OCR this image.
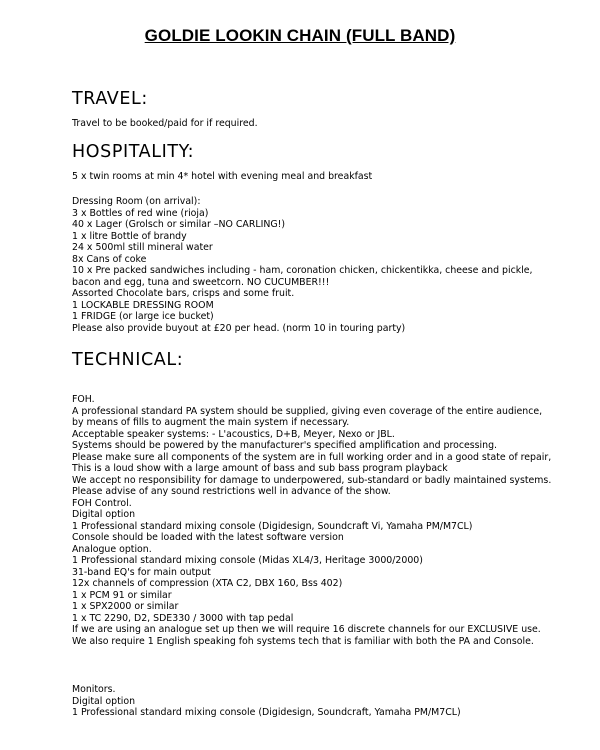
GOLDIE LOOKIN CHAIN (FULL BAND)
TRAVEL:
Travel to be booked/paid for if required.
HOSPITALITY:
5 x twin rooms at min 4* hotel with evening meal and breakfast
Dressing Room (on arrival):
3 x Bottles of red wine (rioja)
40 x Lager (Grolsch or similar –NO CARLING!)
1 x litre Bottle of brandy
24 x 500ml still mineral water
8x Cans of coke
10 x Pre packed sandwiches including - ham, coronation chicken, chickentikka, cheese and pickle,
bacon and egg, tuna and sweetcorn. NO CUCUMBER!!!
Assorted Chocolate bars, crisps and some fruit.
1 LOCKABLE DRESSING ROOM
1 FRIDGE (or large ice bucket)
Please also provide buyout at £20 per head. (norm 10 in touring party)
TECHNICAL:
FOH.
A professional standard PA system should be supplied, giving even coverage of the entire audience,
by means of fills to augment the main system if necessary.
Acceptable speaker systems: - L'acoustics, D+B, Meyer, Nexo or JBL.
Systems should be powered by the manufacturer's specified amplification and processing.
Please make sure all components of the system are in full working order and in a good state of repair,
This is a loud show with a large amount of bass and sub bass program playback
We accept no responsibility for damage to underpowered, sub-standard or badly maintained systems.
Please advise of any sound restrictions well in advance of the show.
FOH Control.
Digital option
1 Professional standard mixing console (Digidesign, Soundcraft Vi, Yamaha PM/M7CL)
Console should be loaded with the latest software version
Analogue option.
1 Professional standard mixing console (Midas XL4/3, Heritage 3000/2000)
31-band EQ's for main output
12x channels of compression (XTA C2, DBX 160, Bss 402)
1 x PCM 91 or similar
1 x SPX2000 or similar
1 x TC 2290, D2, SDE330 / 3000 with tap pedal
If we are using an analogue set up then we will require 16 discrete channels for our EXCLUSIVE use.
We also require 1 English speaking foh systems tech that is familiar with both the PA and Console.
Monitors.
Digital option
1 Professional standard mixing console (Digidesign, Soundcraft, Yamaha PM/M7CL)
